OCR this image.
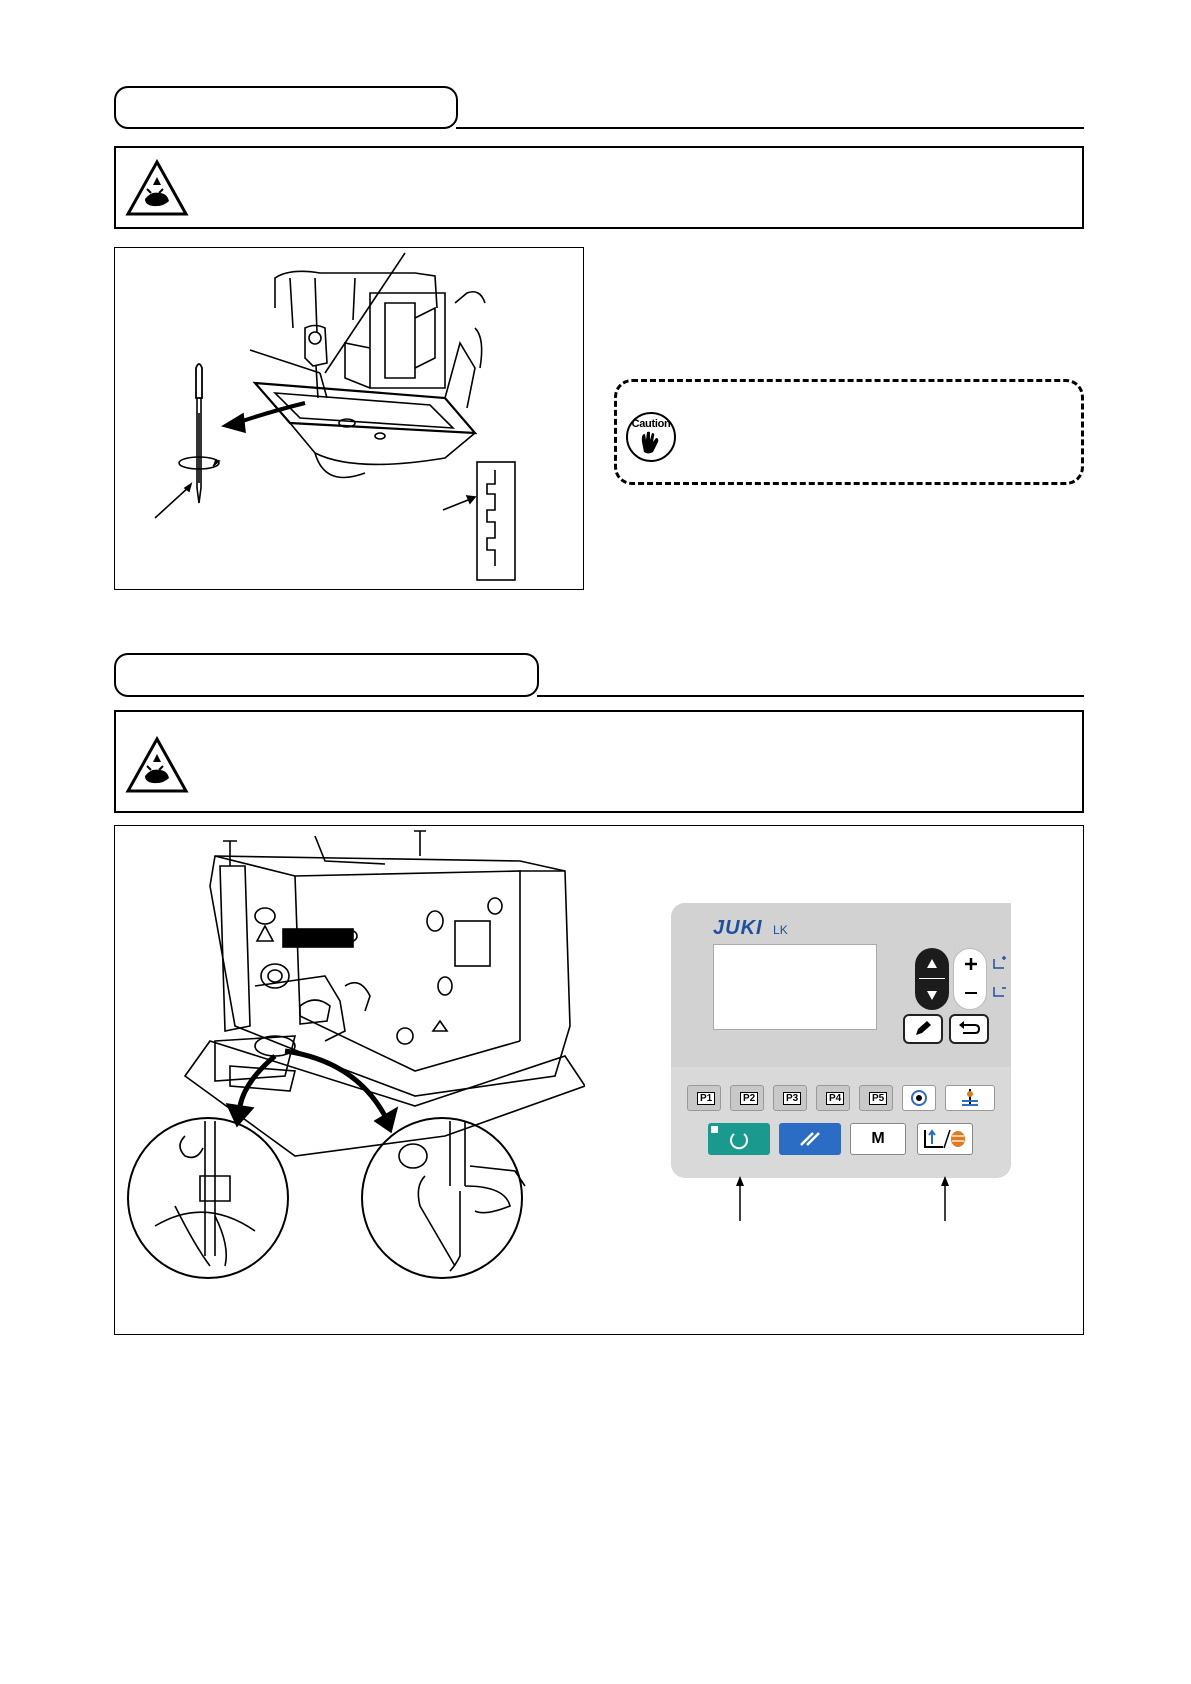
Caution
JUKI LK
P1	P2	P3	P4	P5
M
